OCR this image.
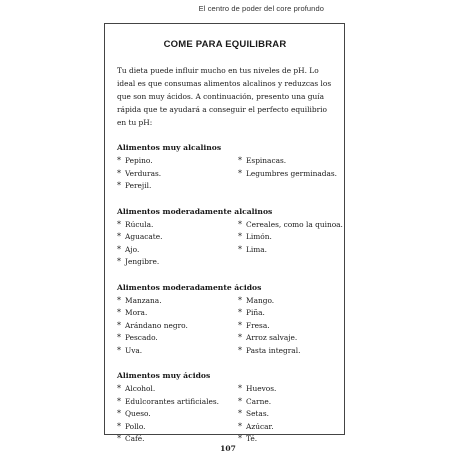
El centro de poder del core profundo
COME PARA EQUILIBRAR
Tu dieta puede influir mucho en tus niveles de pH. Lo ideal es que consumas alimentos alcalinos y reduzcas los que son muy ácidos. A continuación, presento una guía rápida que te ayudará a conseguir el perfecto equilibrio en tu pH:
Alimentos muy alcalinos
* Pepino.	* Espinacas.
* Verduras.	* Legumbres germinadas.
* Perejil.
Alimentos moderadamente alcalinos
* Rúcula.	* Cereales, como la quinoa.
* Aguacate.	* Limón.
* Ajo.	* Lima.
* Jengibre.
Alimentos moderadamente ácidos
* Manzana.	* Mango.
* Mora.	* Piña.
* Arándano negro.	* Fresa.
* Pescado.	* Arroz salvaje.
* Uva.	* Pasta integral.
Alimentos muy ácidos
* Alcohol.	* Huevos.
* Edulcorantes artificiales.	* Carne.
* Queso.	* Setas.
* Pollo.	* Azúcar.
* Café.	* Té.
107
